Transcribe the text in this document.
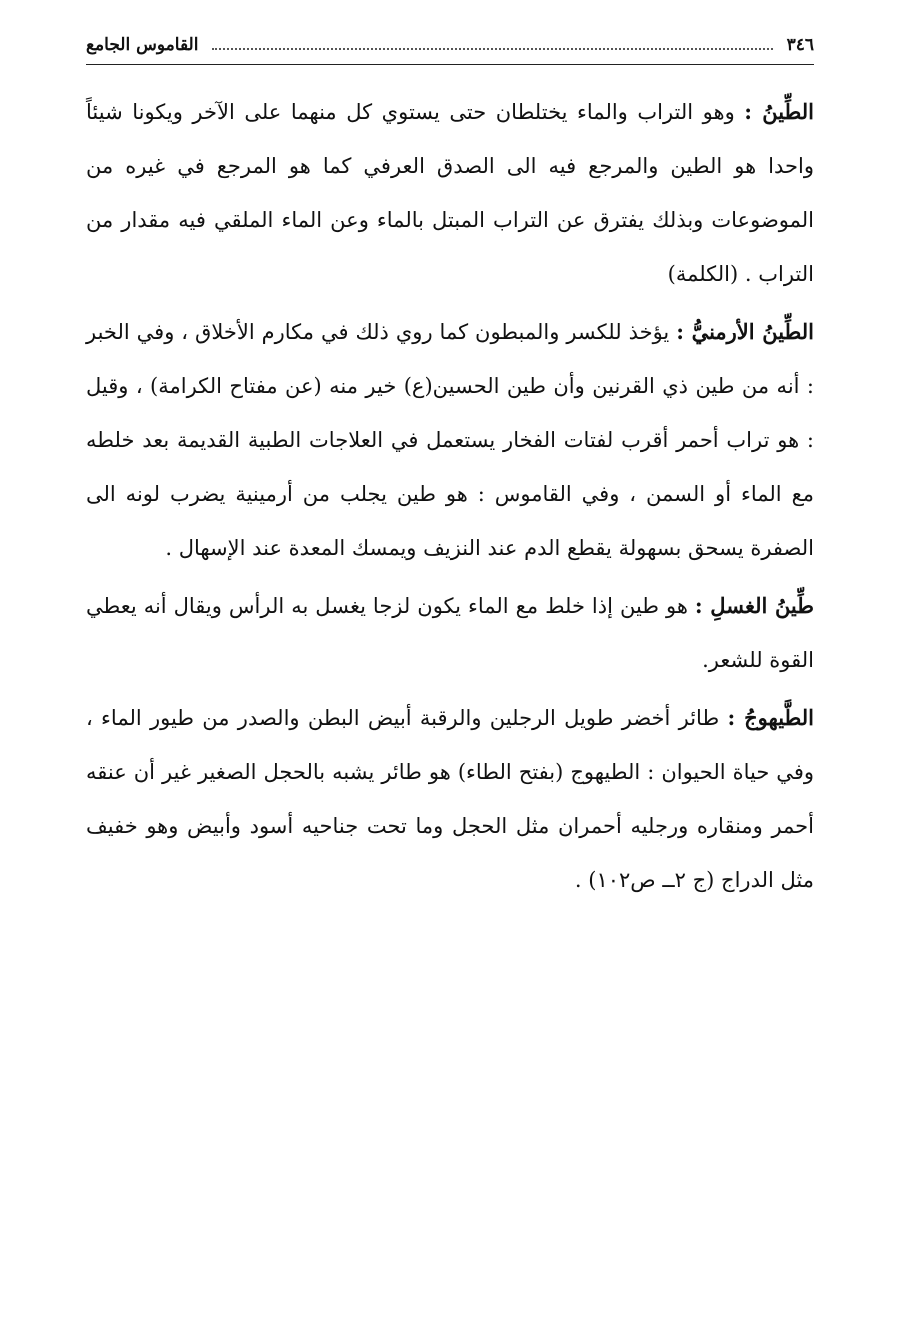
٣٤٦
القاموس الجامع

الطِّينُ : وهو التراب والماء يختلطان حتى يستوي كل منهما على الآخر ويكونا شيئاً واحدا هو الطين والمرجع فيه الى الصدق العرفي كما هو المرجع في غيره من الموضوعات وبذلك يفترق عن التراب المبتل بالماء وعن الماء الملقي فيه مقدار من التراب . (الكلمة)

الطِّينُ الأرمنيُّ : يؤخذ للكسر والمبطون كما روي ذلك في مكارم الأخلاق ، وفي الخبر : أنه من طين ذي القرنين وأن طين الحسين(ع) خير منه (عن مفتاح الكرامة) ، وقيل : هو تراب أحمر أقرب لفتات الفخار يستعمل في العلاجات الطبية القديمة بعد خلطه مع الماء أو السمن ، وفي القاموس : هو طين يجلب من أرمينية يضرب لونه الى الصفرة يسحق بسهولة يقطع الدم عند النزيف ويمسك المعدة عند الإسهال .

طِّينُ الغسلِ : هو طين إذا خلط مع الماء يكون لزجا يغسل به الرأس ويقال أنه يعطي القوة للشعر.

الطَّيهوجُ : طائر أخضر طويل الرجلين والرقبة أبيض البطن والصدر من طيور الماء ، وفي حياة الحيوان : الطيهوج (بفتح الطاء) هو طائر يشبه بالحجل الصغير غير أن عنقه أحمر ومنقاره ورجليه أحمران مثل الحجل وما تحت جناحيه أسود وأبيض وهو خفيف مثل الدراج (ج ٢ــ ص١٠٢) .
